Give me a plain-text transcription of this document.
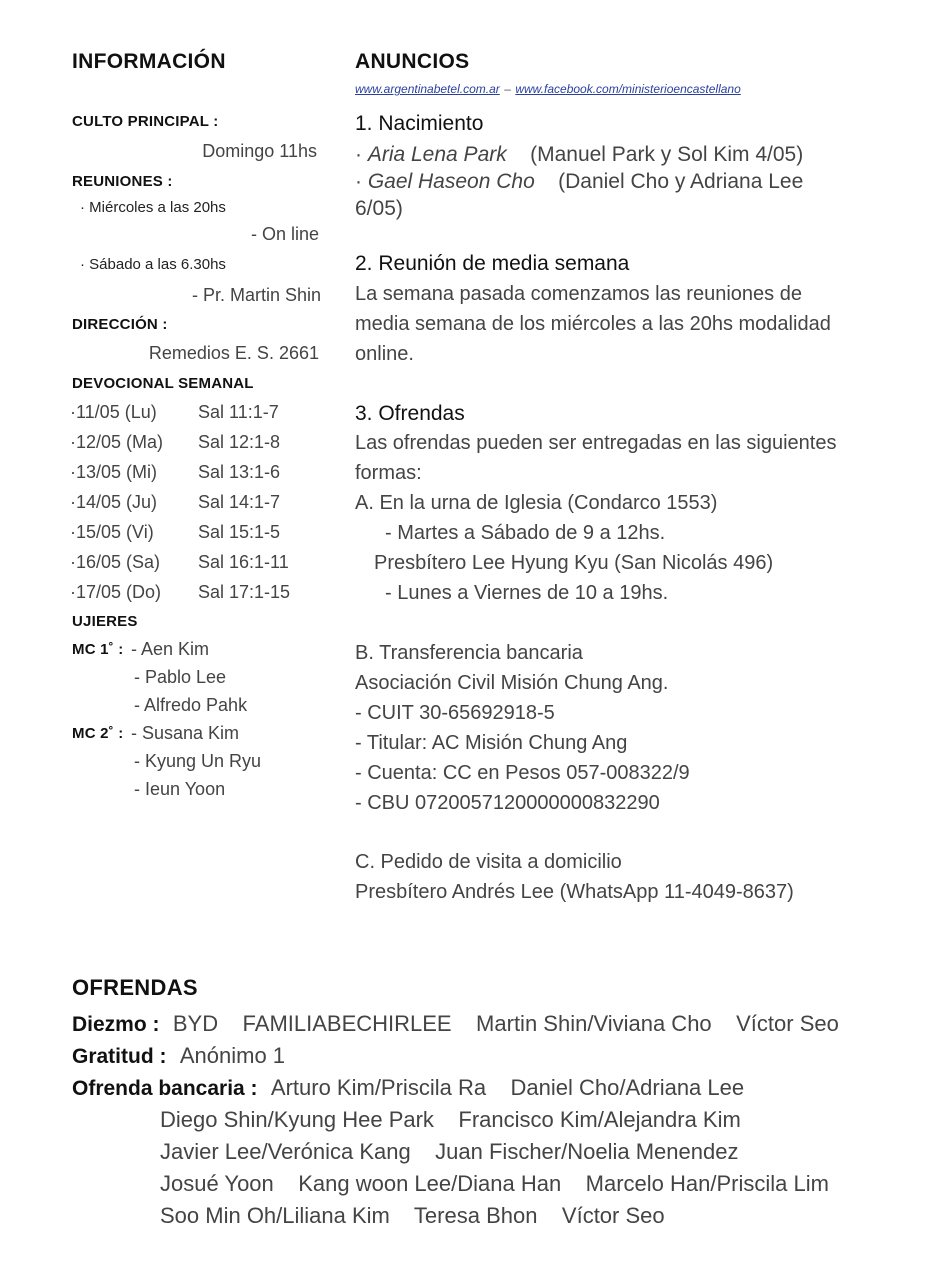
INFORMACIÓN
CULTO PRINCIPAL :
Domingo 11hs
REUNIONES :
· Miércoles a las 20hs
- On line
· Sábado a las 6.30hs
- Pr. Martin Shin
DIRECCIÓN :
Remedios E. S. 2661
DEVOCIONAL SEMANAL
·11/05 (Lu) Sal 11:1-7
·12/05 (Ma) Sal 12:1-8
·13/05 (Mi) Sal 13:1-6
·14/05 (Ju) Sal 14:1-7
·15/05 (Vi) Sal 15:1-5
·16/05 (Sa) Sal 16:1-11
·17/05 (Do) Sal 17:1-15
UJIERES
MC 1˚ : - Aen Kim
- Pablo Lee
- Alfredo Pahk
MC 2˚ : - Susana Kim
- Kyung Un Ryu
- Ieun Yoon
ANUNCIOS
www.argentinabetel.com.ar – www.facebook.com/ministerioencastellano
1. Nacimiento
· Aria Lena Park (Manuel Park y Sol Kim 4/05)
· Gael Haseon Cho (Daniel Cho y Adriana Lee
6/05)
2. Reunión de media semana
La semana pasada comenzamos las reuniones de
media semana de los miércoles a las 20hs modalidad
online.
3. Ofrendas
Las ofrendas pueden ser entregadas en las siguientes
formas:
A. En la urna de Iglesia (Condarco 1553)
- Martes a Sábado de 9 a 12hs.
Presbítero Lee Hyung Kyu (San Nicolás 496)
- Lunes a Viernes de 10 a 19hs.
B. Transferencia bancaria
Asociación Civil Misión Chung Ang.
- CUIT 30-65692918-5
- Titular: AC Misión Chung Ang
- Cuenta: CC en Pesos 057-008322/9
- CBU 0720057120000000832290
C. Pedido de visita a domicilio
Presbítero Andrés Lee (WhatsApp 11-4049-8637)
OFRENDAS
Diezmo : BYD    FAMILIABECHIRLEE    Martin Shin/Viviana Cho    Víctor Seo
Gratitud : Anónimo 1
Ofrenda bancaria : Arturo Kim/Priscila Ra    Daniel Cho/Adriana Lee
Diego Shin/Kyung Hee Park    Francisco Kim/Alejandra Kim
Javier Lee/Verónica Kang    Juan Fischer/Noelia Menendez
Josué Yoon    Kang woon Lee/Diana Han    Marcelo Han/Priscila Lim
Soo Min Oh/Liliana Kim    Teresa Bhon    Víctor Seo
